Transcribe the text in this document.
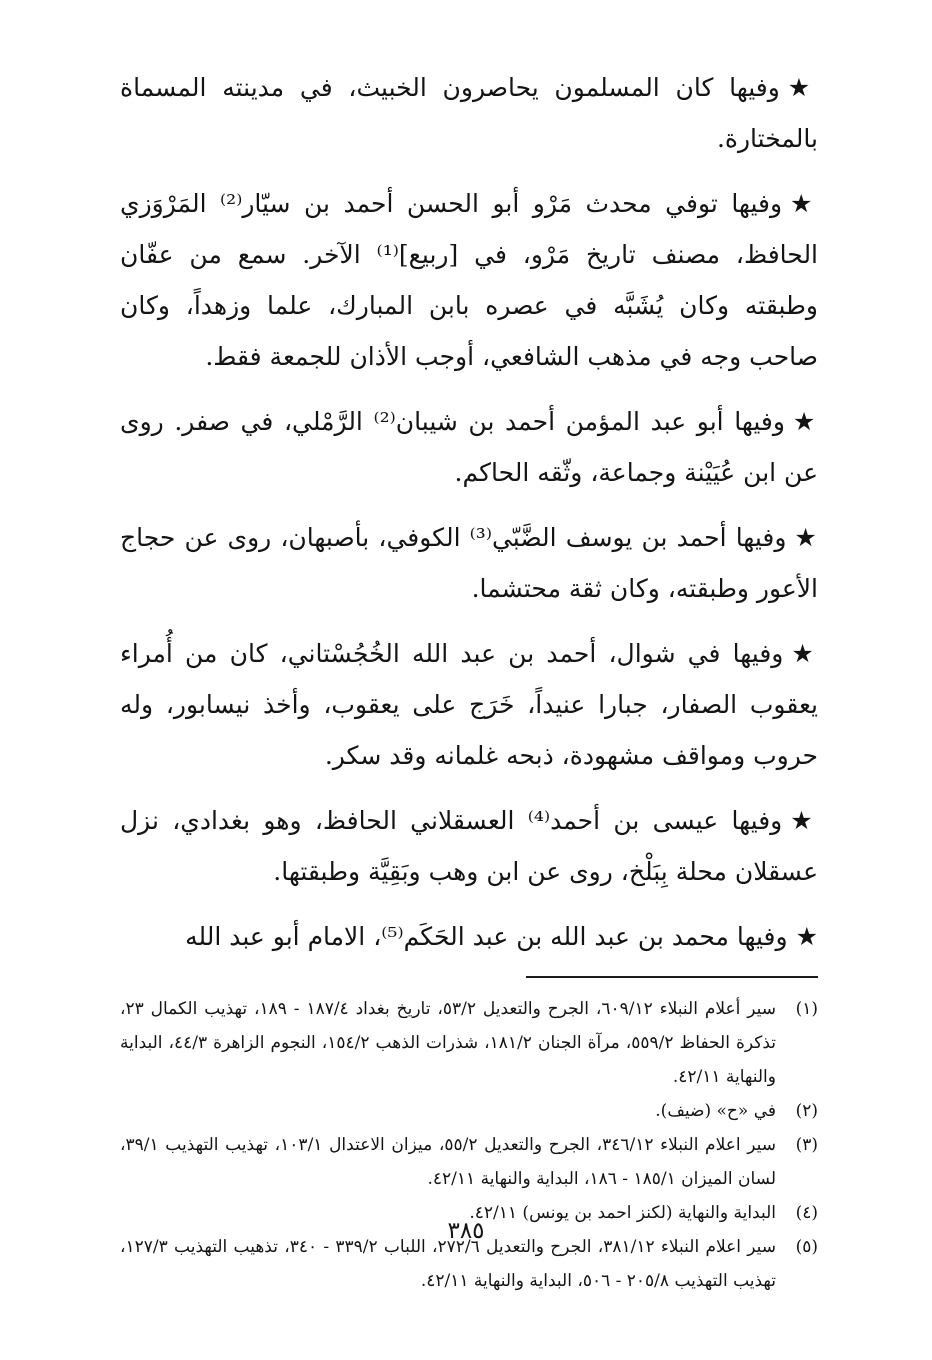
★وفيها كان المسلمون يحاصرون الخبيث، في مدينته المسماة بالمختارة.

★وفيها توفي محدث مَرْو أبو الحسن أحمد بن سيّار⁽²⁾ المَرْوَزي الحافظ، مصنف تاريخ مَرْو، في [ربيع]⁽¹⁾ الآخر. سمع من عفّان وطبقته وكان يُشَبَّه في عصره بابن المبارك، علما وزهداً، وكان صاحب وجه في مذهب الشافعي، أوجب الأذان للجمعة فقط.

★وفيها أبو عبد المؤمن أحمد بن شيبان⁽²⁾ الرَّمْلي، في صفر. روى عن ابن عُيَيْنة وجماعة، وثّقه الحاكم.

★وفيها أحمد بن يوسف الضَّبّي⁽³⁾ الكوفي، بأصبهان، روى عن حجاج الأعور وطبقته، وكان ثقة محتشما.

★وفيها في شوال، أحمد بن عبد الله الخُجُسْتاني، كان من أُمراء يعقوب الصفار، جبارا عنيداً، خَرَج على يعقوب، وأخذ نيسابور، وله حروب ومواقف مشهودة، ذبحه غلمانه وقد سكر.

★وفيها عيسى بن أحمد⁽⁴⁾ العسقلاني الحافظ، وهو بغدادي، نزل عسقلان محلة بِبَلْخ، روى عن ابن وهب وبَقِيَّة وطبقتها.

★وفيها محمد بن عبد الله بن عبد الحَكَم⁽⁵⁾، الامام أبو عبد الله

(١)سير أعلام النبلاء ٦٠٩/١٢، الجرح والتعديل ٥٣/٢، تاريخ بغداد ١٨٧/٤ - ١٨٩، تهذيب الكمال ٢٣، تذكرة الحفاظ ٥٥٩/٢، مرآة الجنان ١٨١/٢، شذرات الذهب ١٥٤/٢، النجوم الزاهرة ٤٤/٣، البداية والنهاية ٤٢/١١.

(٢)في «ح» (ضيف).

(٣)سير اعلام النبلاء ٣٤٦/١٢، الجرح والتعديل ٥٥/٢، ميزان الاعتدال ١٠٣/١، تهذيب التهذيب ٣٩/١، لسان الميزان ١٨٥/١ - ١٨٦، البداية والنهاية ٤٢/١١.

(٤)البداية والنهاية (لكنز احمد بن يونس) ٤٢/١١.

(٥)سير اعلام النبلاء ٣٨١/١٢، الجرح والتعديل ٢٧٢/٦، اللباب ٣٣٩/٢ - ٣٤٠، تذهيب التهذيب ١٢٧/٣، تهذيب التهذيب ٢٠٥/٨ - ٥٠٦، البداية والنهاية ٤٢/١١.

٣٨٥
